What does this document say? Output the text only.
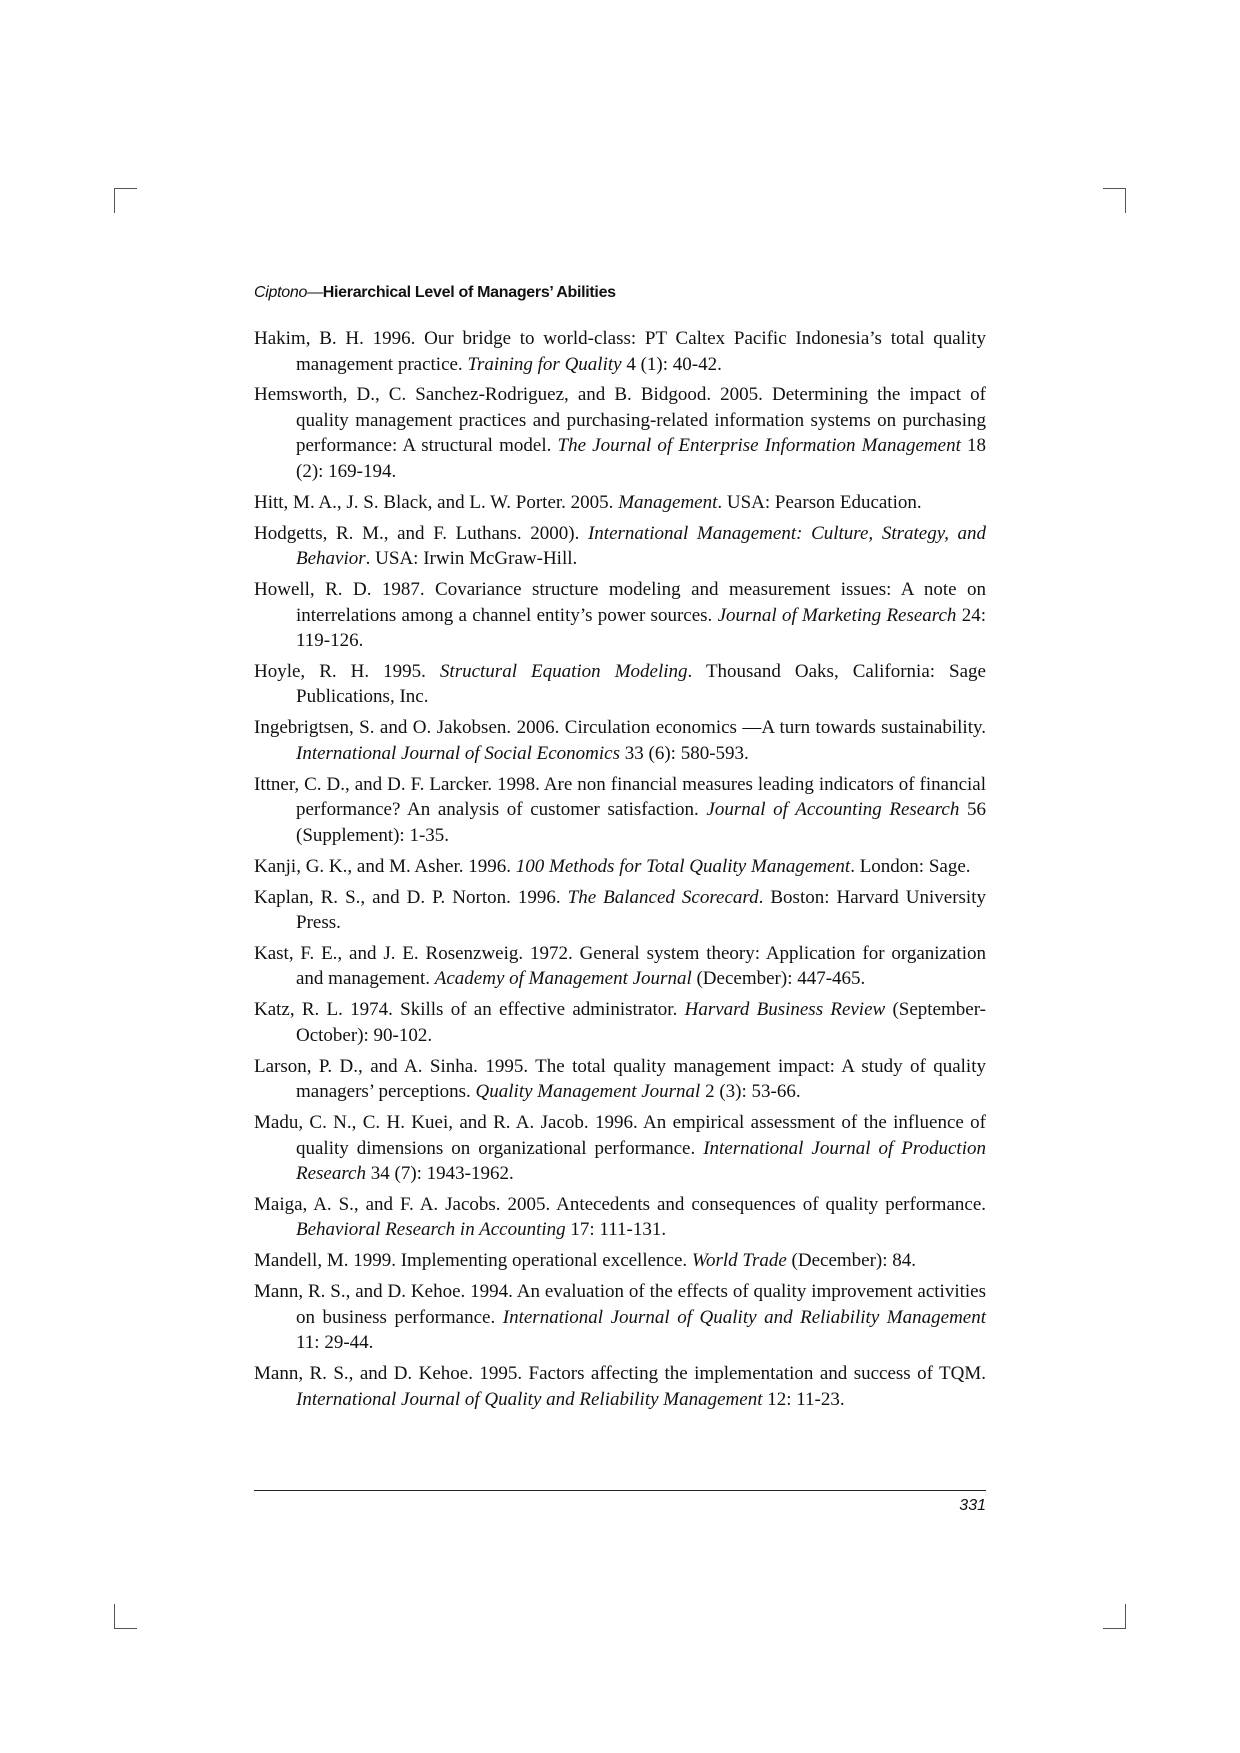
Ciptono—Hierarchical Level of Managers’ Abilities

Hakim, B. H. 1996. Our bridge to world-class: PT Caltex Pacific Indonesia’s total quality management practice. Training for Quality 4 (1): 40-42.

Hemsworth, D., C. Sanchez-Rodriguez, and B. Bidgood. 2005. Determining the impact of quality management practices and purchasing-related information systems on purchasing performance: A structural model. The Journal of Enterprise Information Management 18 (2): 169-194.

Hitt, M. A., J. S. Black, and L. W. Porter. 2005. Management. USA: Pearson Education.

Hodgetts, R. M., and F. Luthans. 2000). International Management: Culture, Strategy, and Behavior. USA: Irwin McGraw-Hill.

Howell, R. D. 1987. Covariance structure modeling and measurement issues: A note on interrelations among a channel entity’s power sources. Journal of Marketing Research 24: 119-126.

Hoyle, R. H. 1995. Structural Equation Modeling. Thousand Oaks, California: Sage Publications, Inc.

Ingebrigtsen, S. and O. Jakobsen. 2006. Circulation economics —A turn towards sustainability. International Journal of Social Economics 33 (6): 580-593.

Ittner, C. D., and D. F. Larcker. 1998. Are non financial measures leading indicators of financial performance? An analysis of customer satisfaction. Journal of Accounting Research 56 (Supplement): 1-35.

Kanji, G. K., and M. Asher. 1996. 100 Methods for Total Quality Management. London: Sage.

Kaplan, R. S., and D. P. Norton. 1996. The Balanced Scorecard. Boston: Harvard University Press.

Kast, F. E., and J. E. Rosenzweig. 1972. General system theory: Application for organization and management. Academy of Management Journal (December): 447-465.

Katz, R. L. 1974. Skills of an effective administrator. Harvard Business Review (September-October): 90-102.

Larson, P. D., and A. Sinha. 1995. The total quality management impact: A study of quality managers’ perceptions. Quality Management Journal 2 (3): 53-66.

Madu, C. N., C. H. Kuei, and R. A. Jacob. 1996. An empirical assessment of the influence of quality dimensions on organizational performance. International Journal of Production Research 34 (7): 1943-1962.

Maiga, A. S., and F. A. Jacobs. 2005. Antecedents and consequences of quality performance. Behavioral Research in Accounting 17: 111-131.

Mandell, M. 1999. Implementing operational excellence. World Trade (December): 84.

Mann, R. S., and D. Kehoe. 1994. An evaluation of the effects of quality improvement activities on business performance. International Journal of Quality and Reliability Management 11: 29-44.

Mann, R. S., and D. Kehoe. 1995. Factors affecting the implementation and success of TQM. International Journal of Quality and Reliability Management 12: 11-23.

331
